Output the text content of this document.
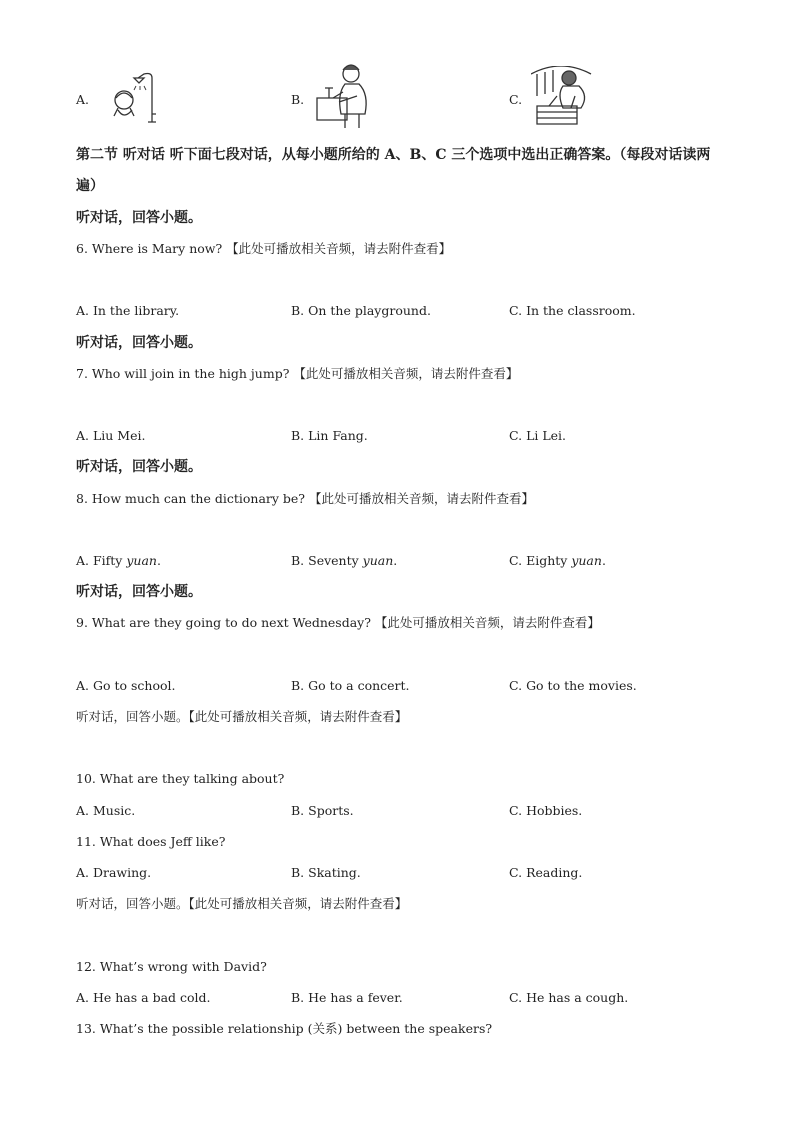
A.	B.	C.
第二节 听对话 听下面七段对话，从每小题所给的 A、B、C 三个选项中选出正确答案。（每段对话读两遍）
听对话，回答小题。
6. Where is Mary now? 【此处可播放相关音频，请去附件查看】
A. In the library.	B. On the playground.	C. In the classroom.
听对话，回答小题。
7. Who will join in the high jump? 【此处可播放相关音频，请去附件查看】
A. Liu Mei.	B. Lin Fang.	C. Li Lei.
听对话，回答小题。
8. How much can the dictionary be? 【此处可播放相关音频，请去附件查看】
A. Fifty yuan.	B. Seventy yuan.	C. Eighty yuan.
听对话，回答小题。
9. What are they going to do next Wednesday? 【此处可播放相关音频，请去附件查看】
A. Go to school.	B. Go to a concert.	C. Go to the movies.
听对话，回答小题。【此处可播放相关音频，请去附件查看】
10. What are they talking about?
A. Music.	B. Sports.	C. Hobbies.
11. What does Jeff like?
A. Drawing.	B. Skating.	C. Reading.
听对话，回答小题。【此处可播放相关音频，请去附件查看】
12. What’s wrong with David?
A. He has a bad cold.	B. He has a fever.	C. He has a cough.
13. What’s the possible relationship (关系) between the speakers?
